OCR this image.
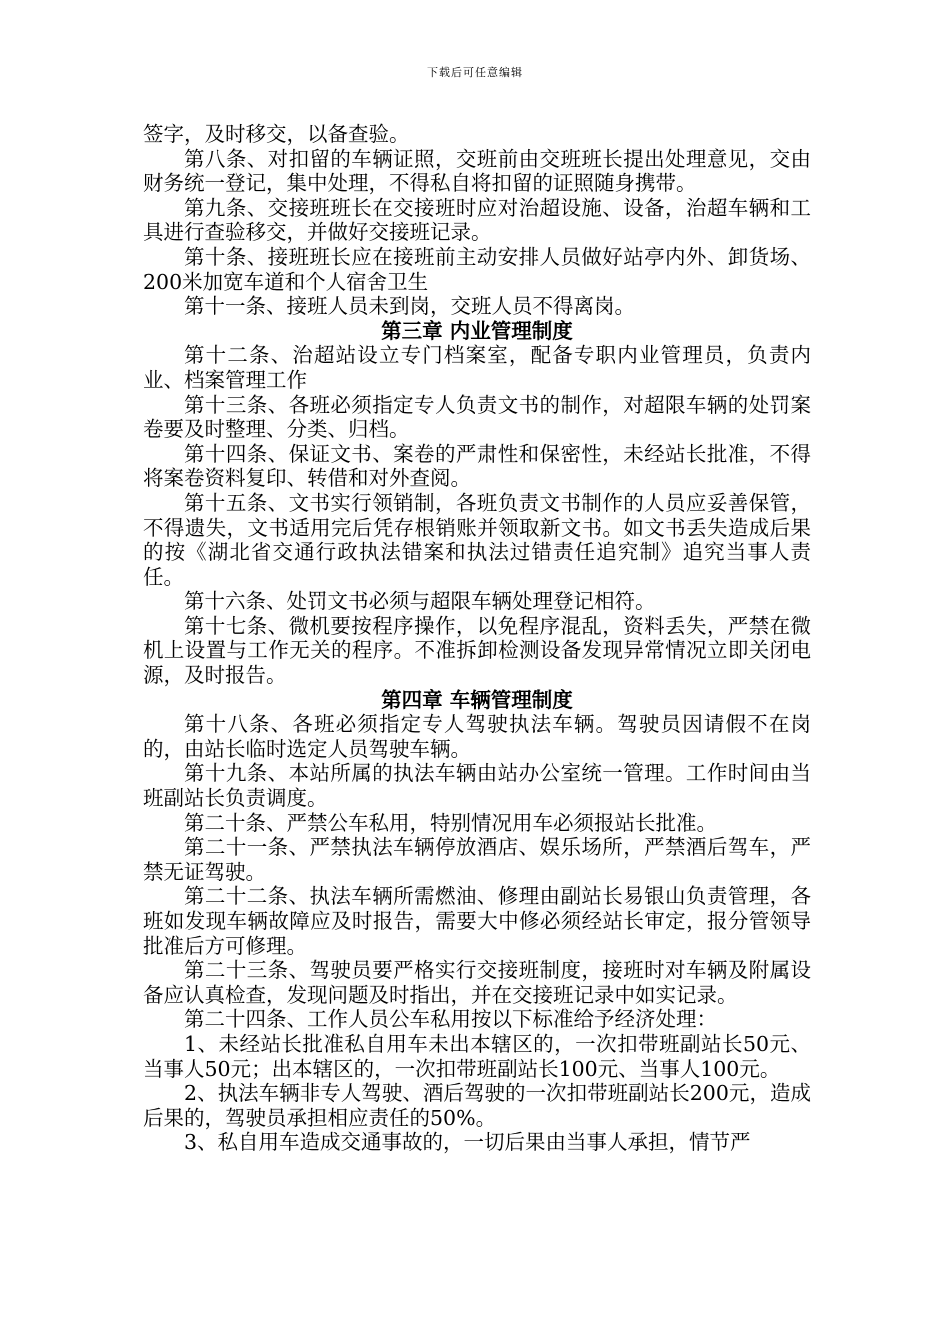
下载后可任意编辑

签字，及时移交，以备查验。

第八条、对扣留的车辆证照，交班前由交班班长提出处理意见，交由财务统一登记，集中处理，不得私自将扣留的证照随身携带。

第九条、交接班班长在交接班时应对治超设施、设备，治超车辆和工具进行查验移交，并做好交接班记录。

第十条、接班班长应在接班前主动安排人员做好站亭内外、卸货场、200米加宽车道和个人宿舍卫生

第十一条、接班人员未到岗，交班人员不得离岗。

第三章 内业管理制度

第十二条、治超站设立专门档案室，配备专职内业管理员，负责内业、档案管理工作

第十三条、各班必须指定专人负责文书的制作，对超限车辆的处罚案卷要及时整理、分类、归档。

第十四条、保证文书、案卷的严肃性和保密性，未经站长批准，不得将案卷资料复印、转借和对外查阅。

第十五条、文书实行领销制，各班负责文书制作的人员应妥善保管，不得遗失，文书适用完后凭存根销账并领取新文书。如文书丢失造成后果的按《湖北省交通行政执法错案和执法过错责任追究制》追究当事人责任。

第十六条、处罚文书必须与超限车辆处理登记相符。

第十七条、微机要按程序操作，以免程序混乱，资料丢失，严禁在微机上设置与工作无关的程序。不准拆卸检测设备发现异常情况立即关闭电源，及时报告。

第四章 车辆管理制度

第十八条、各班必须指定专人驾驶执法车辆。驾驶员因请假不在岗的，由站长临时选定人员驾驶车辆。

第十九条、本站所属的执法车辆由站办公室统一管理。工作时间由当班副站长负责调度。

第二十条、严禁公车私用，特别情况用车必须报站长批准。

第二十一条、严禁执法车辆停放酒店、娱乐场所，严禁酒后驾车，严禁无证驾驶。

第二十二条、执法车辆所需燃油、修理由副站长易银山负责管理，各班如发现车辆故障应及时报告，需要大中修必须经站长审定，报分管领导批准后方可修理。

第二十三条、驾驶员要严格实行交接班制度，接班时对车辆及附属设备应认真检查，发现问题及时指出，并在交接班记录中如实记录。

第二十四条、工作人员公车私用按以下标准给予经济处理：

1、未经站长批准私自用车未出本辖区的，一次扣带班副站长50元、当事人50元；出本辖区的，一次扣带班副站长100元、当事人100元。

2、执法车辆非专人驾驶、酒后驾驶的一次扣带班副站长200元，造成后果的，驾驶员承担相应责任的50%。

3、私自用车造成交通事故的，一切后果由当事人承担，情节严
